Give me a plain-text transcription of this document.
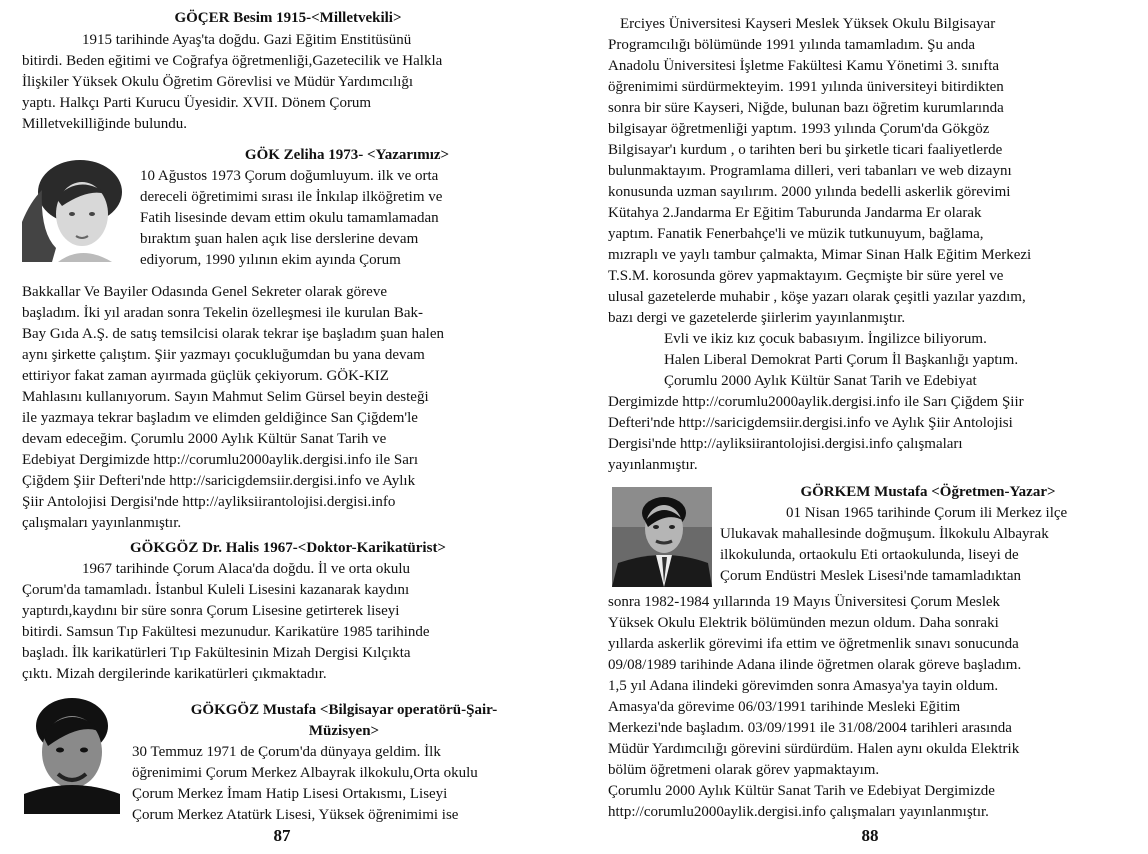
GÖÇER Besim 1915-<Milletvekili>
1915 tarihinde Ayaş'ta doğdu. Gazi Eğitim Enstitüsünü
bitirdi. Beden eğitimi ve Coğrafya öğretmenliği,Gazetecilik ve Halkla
İlişkiler Yüksek Okulu Öğretim Görevlisi ve Müdür Yardımcılığı
yaptı. Halkçı Parti Kurucu Üyesidir. XVII. Dönem Çorum
Milletvekilliğinde bulundu.
GÖK Zeliha 1973- <Yazarımız>
10 Ağustos 1973 Çorum doğumluyum. ilk ve orta
dereceli öğretimimi sırası ile İnkılap ilköğretim ve
Fatih lisesinde devam ettim okulu tamamlamadan
bıraktım şuan halen açık lise derslerine devam
ediyorum, 1990 yılının ekim ayında Çorum
Bakkallar Ve Bayiler Odasında Genel Sekreter olarak göreve
başladım. İki yıl aradan sonra Tekelin özelleşmesi ile kurulan Bak-
Bay Gıda A.Ş. de satış temsilcisi olarak tekrar işe başladım şuan halen
aynı şirkette çalıştım. Şiir yazmayı çocukluğumdan bu yana devam
ettiriyor fakat zaman ayırmada güçlük çekiyorum. GÖK-KIZ
Mahlasını kullanıyorum. Sayın Mahmut Selim Gürsel beyin desteği
ile yazmaya tekrar başladım ve elimden geldiğince San Çiğdem'le
devam edeceğim. Çorumlu 2000 Aylık Kültür Sanat Tarih ve
Edebiyat Dergimizde http://corumlu2000aylik.dergisi.info ile Sarı
Çiğdem Şiir Defteri'nde http://saricigdemsiir.dergisi.info ve Aylık
Şiir Antolojisi Dergisi'nde http://ayliksiirantolojisi.dergisi.info
çalışmaları yayınlanmıştır.
GÖKGÖZ Dr. Halis 1967-<Doktor-Karikatürist>
1967 tarihinde Çorum Alaca'da doğdu. İl ve orta okulu
Çorum'da tamamladı. İstanbul Kuleli Lisesini kazanarak kaydını
yaptırdı,kaydını bir süre sonra Çorum Lisesine getirterek liseyi
bitirdi. Samsun Tıp Fakültesi mezunudur. Karikatüre 1985 tarihinde
başladı. İlk karikatürleri Tıp Fakültesinin Mizah Dergisi Kılçıkta
çıktı. Mizah dergilerinde karikatürleri çıkmaktadır.
GÖKGÖZ Mustafa <Bilgisayar operatörü-Şair-
Müzisyen>
30 Temmuz 1971 de Çorum'da dünyaya geldim. İlk
öğrenimimi Çorum Merkez Albayrak ilkokulu,Orta okulu
Çorum Merkez İmam Hatip Lisesi Ortakısmı, Liseyi
Çorum Merkez Atatürk Lisesi, Yüksek öğrenimimi ise
87
Erciyes Üniversitesi Kayseri Meslek Yüksek Okulu Bilgisayar
Programcılığı bölümünde 1991 yılında tamamladım. Şu anda
Anadolu Üniversitesi İşletme Fakültesi Kamu Yönetimi 3. sınıfta
öğrenimimi sürdürmekteyim. 1991 yılında üniversiteyi bitirdikten
sonra bir süre Kayseri, Niğde, bulunan bazı öğretim kurumlarında
bilgisayar öğretmenliği yaptım. 1993 yılında Çorum'da Gökgöz
Bilgisayar'ı kurdum , o tarihten beri bu şirketle ticari faaliyetlerde
bulunmaktayım. Programlama dilleri, veri tabanları ve web dizaynı
konusunda uzman sayılırım. 2000 yılında bedelli askerlik görevimi
Kütahya 2.Jandarma Er Eğitim Taburunda Jandarma Er olarak
yaptım. Fanatik Fenerbahçe'li ve müzik tutkunuyum, bağlama,
mızraplı ve yaylı tambur çalmakta, Mimar Sinan Halk Eğitim Merkezi
T.S.M. korosunda görev yapmaktayım. Geçmişte bir süre yerel ve
ulusal gazetelerde muhabir , köşe yazarı olarak çeşitli yazılar yazdım,
bazı dergi ve gazetelerde şiirlerim yayınlanmıştır.
Evli ve ikiz kız çocuk babasıyım. İngilizce biliyorum.
Halen Liberal Demokrat Parti Çorum İl Başkanlığı yaptım.
Çorumlu 2000 Aylık Kültür Sanat Tarih ve Edebiyat
Dergimizde http://corumlu2000aylik.dergisi.info ile Sarı Çiğdem Şiir
Defteri'nde http://saricigdemsiir.dergisi.info ve Aylık Şiir Antolojisi
Dergisi'nde http://ayliksiirantolojisi.dergisi.info çalışmaları
yayınlanmıştır.
GÖRKEM Mustafa <Öğretmen-Yazar>
01 Nisan 1965 tarihinde Çorum ili Merkez ilçe
Ulukavak mahallesinde doğmuşum. İlkokulu Albayrak
ilkokulunda, ortaokulu Eti ortaokulunda, liseyi de
Çorum Endüstri Meslek Lisesi'nde tamamladıktan
sonra 1982-1984 yıllarında 19 Mayıs Üniversitesi Çorum Meslek
Yüksek Okulu Elektrik bölümünden mezun oldum. Daha sonraki
yıllarda askerlik görevimi ifa ettim ve öğretmenlik sınavı sonucunda
09/08/1989 tarihinde Adana ilinde öğretmen olarak göreve başladım.
1,5 yıl Adana ilindeki görevimden sonra Amasya'ya tayin oldum.
Amasya'da görevime 06/03/1991 tarihinde Mesleki Eğitim
Merkezi'nde başladım. 03/09/1991 ile 31/08/2004 tarihleri arasında
Müdür Yardımcılığı görevini sürdürdüm. Halen aynı okulda Elektrik
bölüm öğretmeni olarak görev yapmaktayım.
Çorumlu 2000 Aylık Kültür Sanat Tarih ve Edebiyat Dergimizde
http://corumlu2000aylik.dergisi.info çalışmaları yayınlanmıştır.
88
